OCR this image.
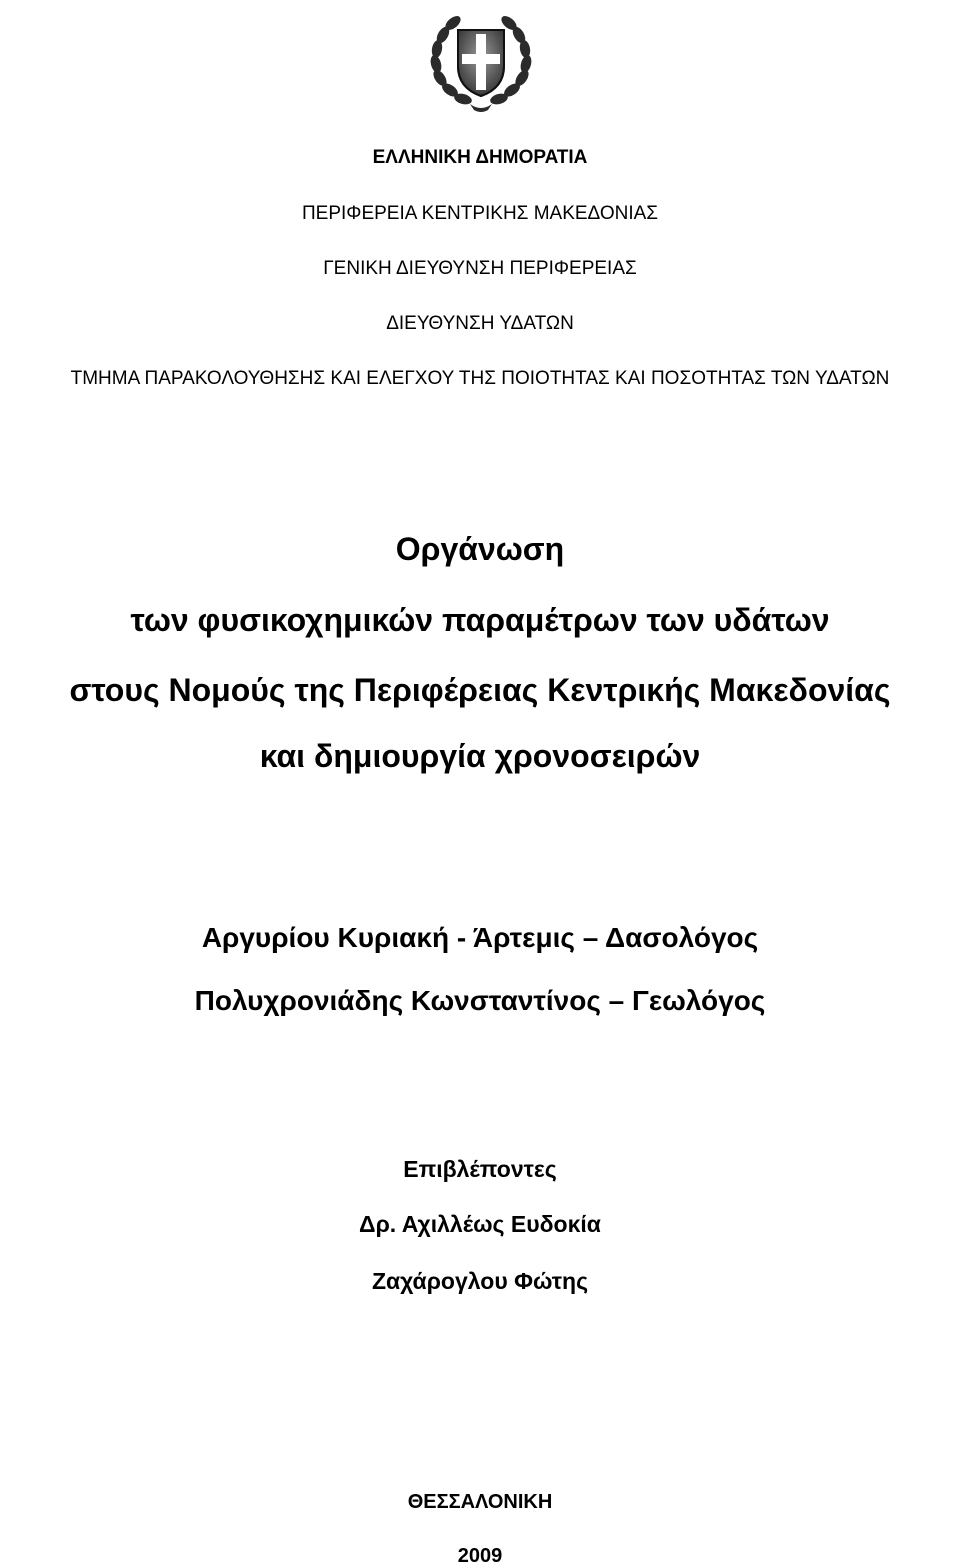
ΕΛΛΗΝΙΚΗ ΔΗΜΟΡΑΤΙΑ
ΠΕΡΙΦΕΡΕΙΑ ΚΕΝΤΡΙΚΗΣ ΜΑΚΕΔΟΝΙΑΣ
ΓΕΝΙΚΗ ΔΙΕΥΘΥΝΣΗ ΠΕΡΙΦΕΡΕΙΑΣ
ΔΙΕΥΘΥΝΣΗ ΥΔΑΤΩΝ
ΤΜΗΜΑ ΠΑΡΑΚΟΛΟΥΘΗΣΗΣ ΚΑΙ ΕΛΕΓΧΟΥ ΤΗΣ ΠΟΙΟΤΗΤΑΣ ΚΑΙ ΠΟΣΟΤΗΤΑΣ ΤΩΝ ΥΔΑΤΩΝ
Οργάνωση
των φυσικοχημικών παραμέτρων των υδάτων
στους Νομούς της Περιφέρειας Κεντρικής Μακεδονίας
και δημιουργία χρονοσειρών
Αργυρίου Κυριακή - Άρτεμις – Δασολόγος
Πολυχρονιάδης Κωνσταντίνος – Γεωλόγος
Επιβλέποντες
Δρ. Αχιλλέως Ευδοκία
Ζαχάρογλου Φώτης
ΘΕΣΣΑΛΟΝΙΚΗ
2009
